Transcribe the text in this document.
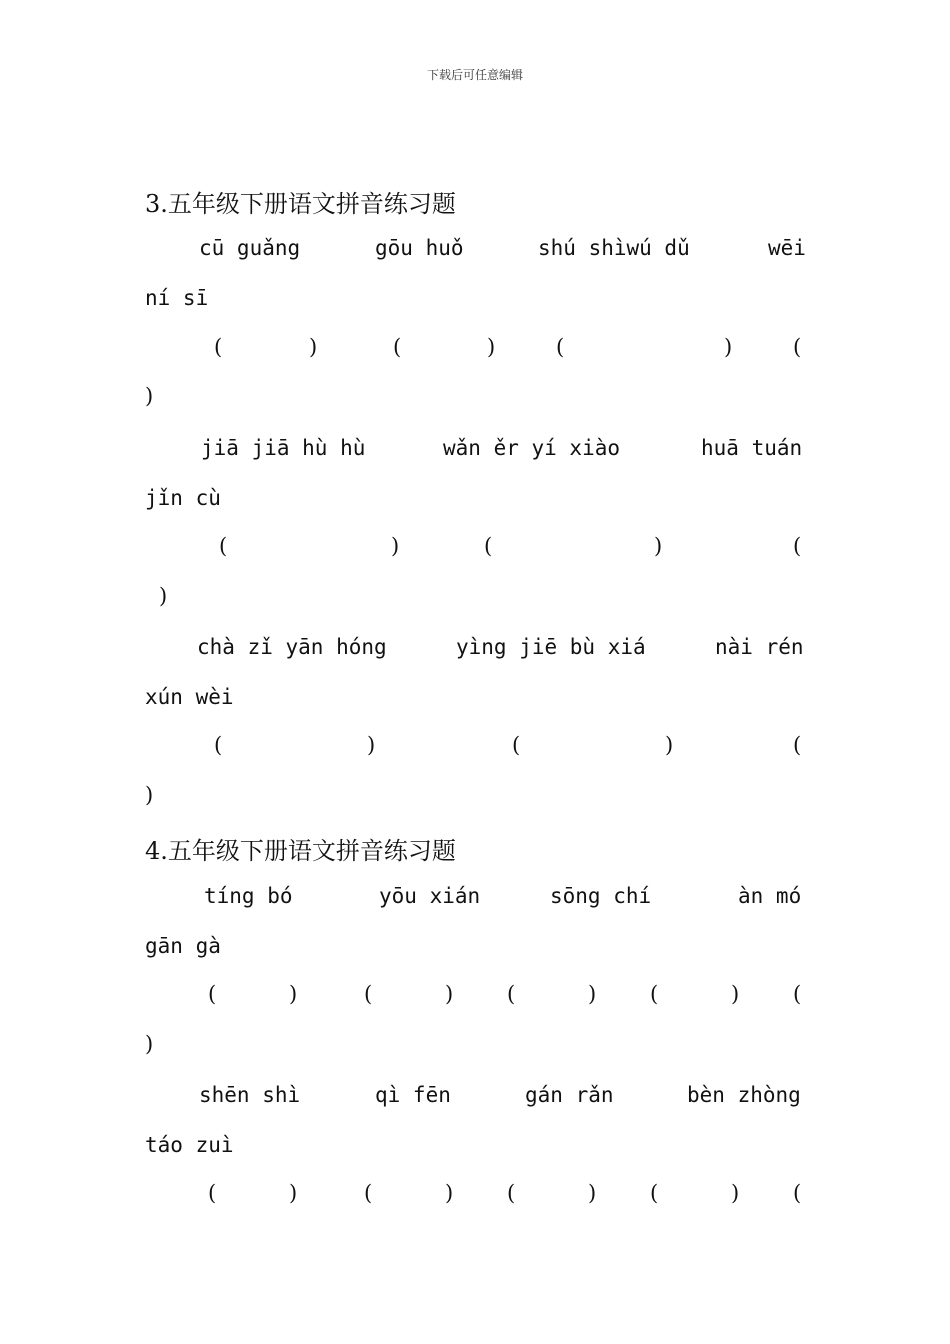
下载后可任意编辑
3.五年级下册语文拼音练习题
cū guǎng	gōu huǒ	shú shìwú dǔ	wēi
ní sī
(	)	(	)	(	)	(
)
jiā jiā hù hù	wǎn ěr yí xiào	huā tuán
jǐn cù
(	)	(	)	(
)
chà zǐ yān hóng	yìng jiē bù xiá	nài rén
xún wèi
(	)	(	)	(
)
4.五年级下册语文拼音练习题
tíng bó	yōu xián	sōng chí	àn mó
gān gà
(	)	(	)	(	)	(	)	(
)
shēn shì	qì fēn	gán rǎn	bèn zhòng
táo zuì
(	)	(	)	(	)	(	)	(
